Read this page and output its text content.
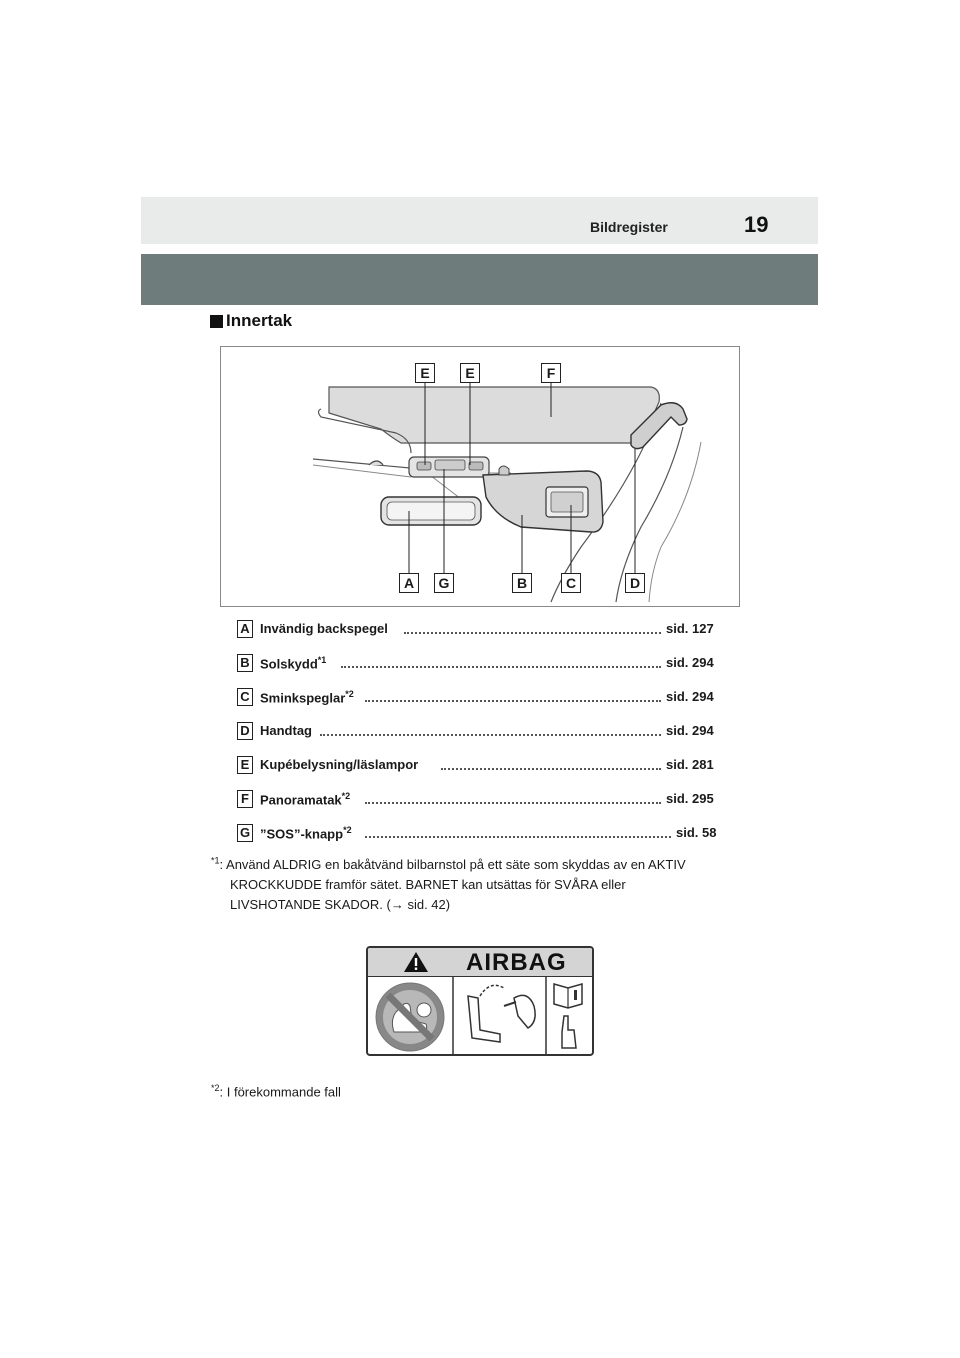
Bildregister	19
Innertak
E	E	F
A	G	B	C	D
A Invändig backspegel	sid. 127
B Solskydd$^{*1}$	sid. 294
C Sminkspeglar$^{*2}$	sid. 294
D Handtag	sid. 294
E Kupébelysning/läslampor	sid. 281
F Panoramatak$^{*2}$	sid. 295
G ”SOS”-knapp$^{*2}$	sid. 58
$^{*1}$: Använd ALDRIG en bakåtvänd bilbarnstol på ett säte som skyddas av en AKTIV
KROCKKUDDE framför sätet. BARNET kan utsättas för SVÅRA eller
LIVSHOTANDE SKADOR. (→ sid. 42)
AIRBAG
$^{*2}$: I förekommande fall
